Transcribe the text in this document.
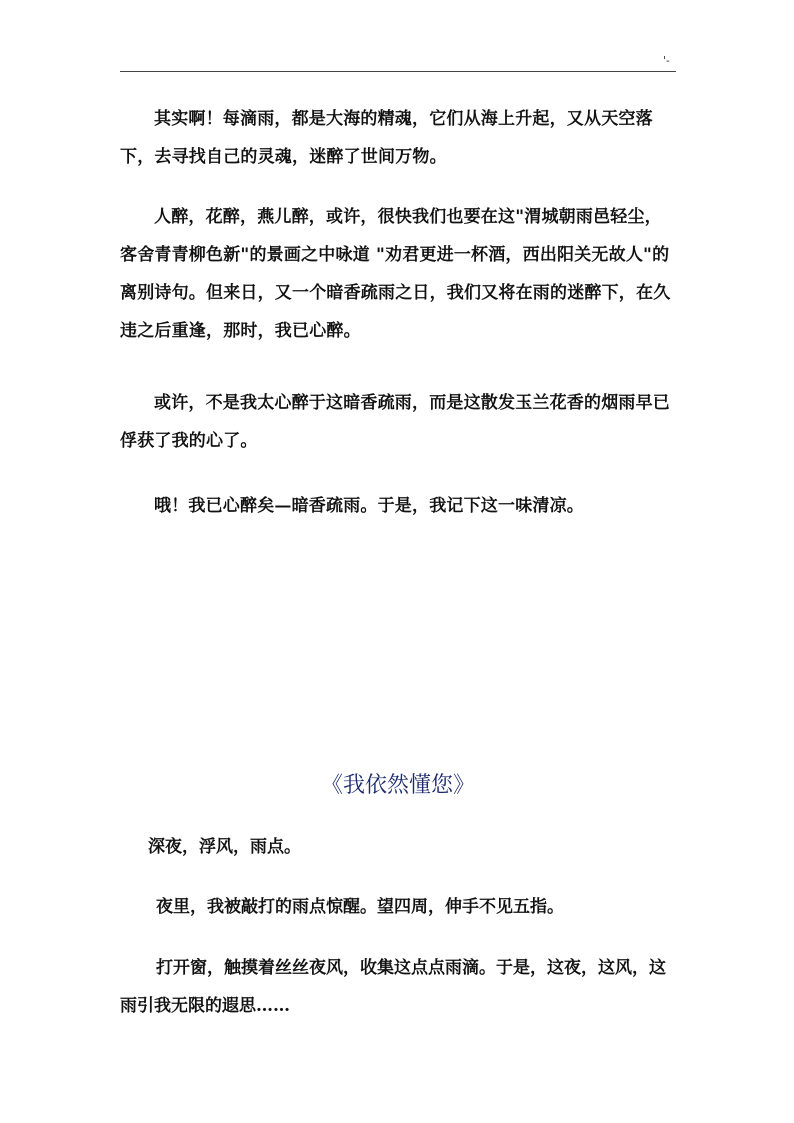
'-

其实啊！每滴雨，都是大海的精魂，它们从海上升起，又从天空落下，去寻找自己的灵魂，迷醉了世间万物。

人醉，花醉，燕儿醉，或许，很快我们也要在这"渭城朝雨邑轻尘，客舍青青柳色新"的景画之中咏道 "劝君更进一杯酒，西出阳关无故人"的离别诗句。但来日，又一个暗香疏雨之日，我们又将在雨的迷醉下，在久违之后重逢，那时，我已心醉。

或许，不是我太心醉于这暗香疏雨，而是这散发玉兰花香的烟雨早已俘获了我的心了。

哦！我已心醉矣—暗香疏雨。于是，我记下这一味清凉。

《我依然懂您》

深夜，浮风，雨点。

夜里，我被敲打的雨点惊醒。望四周，伸手不见五指。

打开窗，触摸着丝丝夜风，收集这点点雨滴。于是，这夜，这风，这雨引我无限的遐思……
